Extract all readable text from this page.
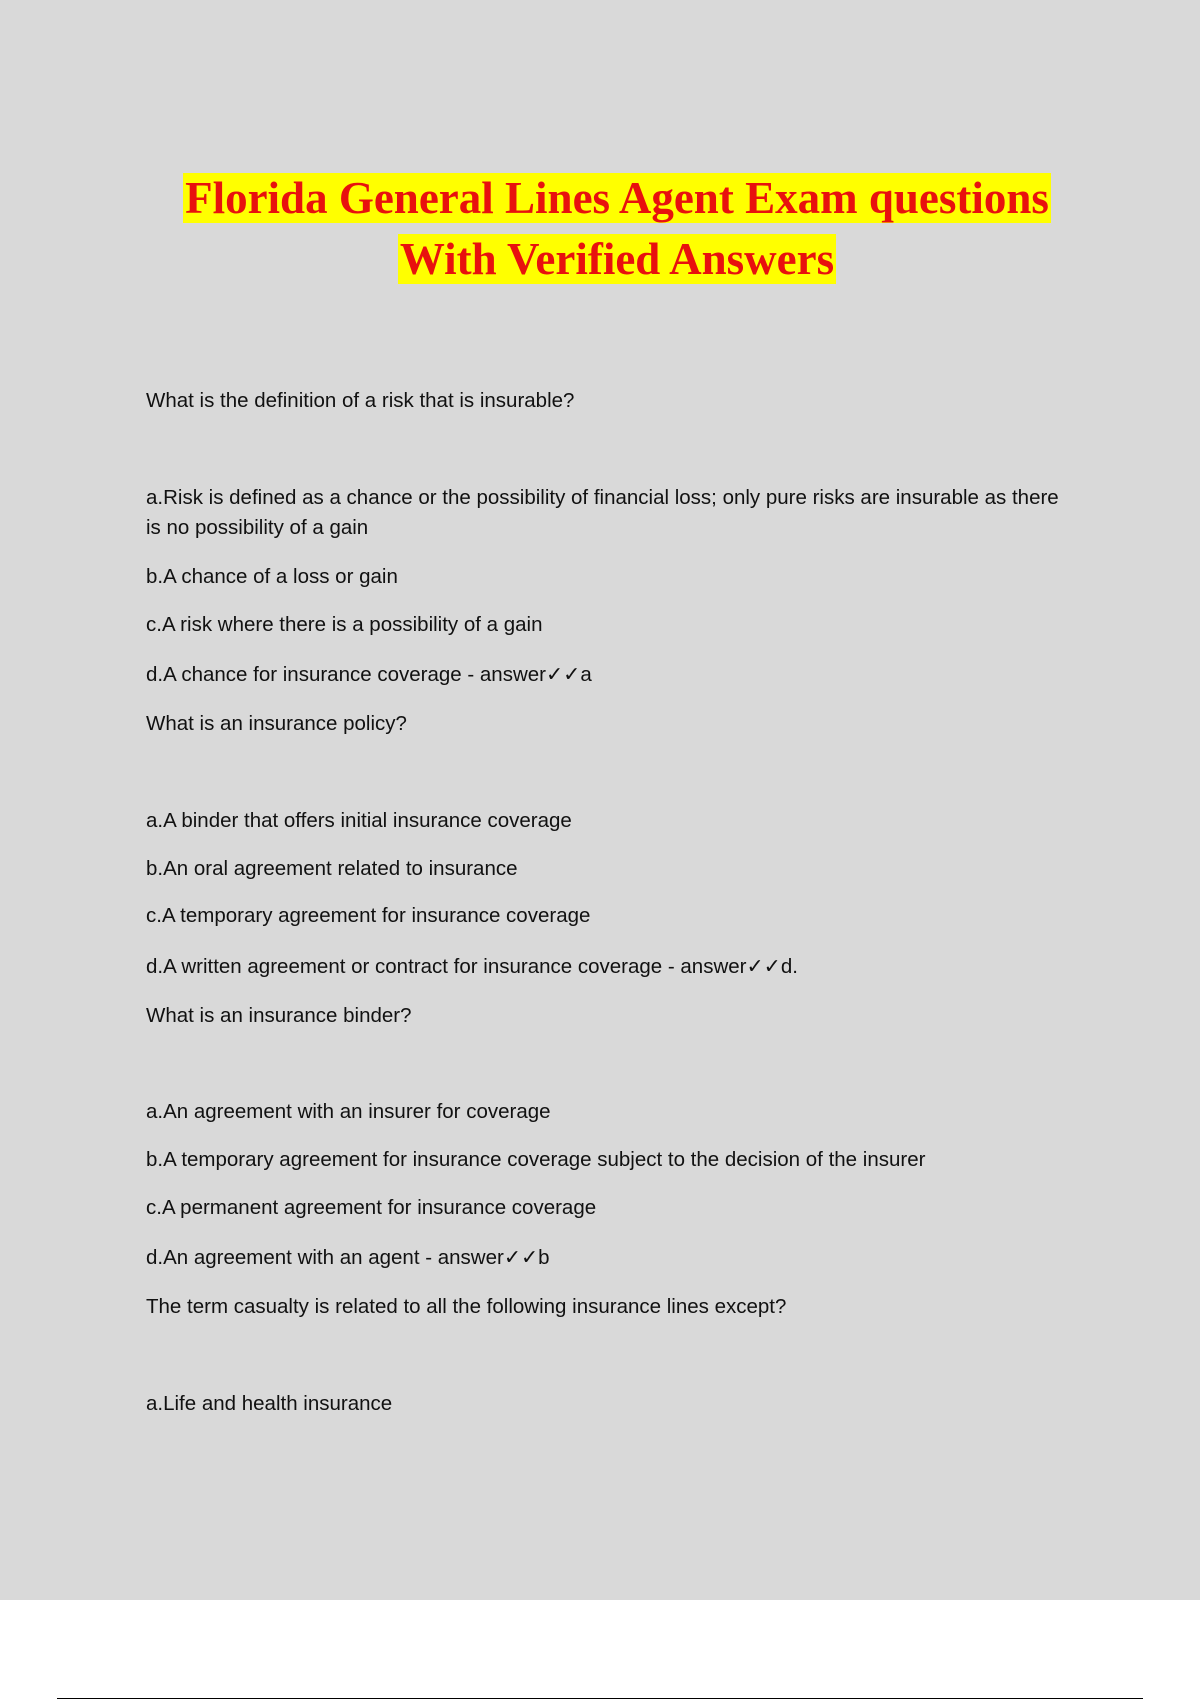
Florida General Lines Agent Exam questions
With Verified Answers

What is the definition of a risk that is insurable?

a.Risk is defined as a chance or the possibility of financial loss; only pure risks are insurable as there is no possibility of a gain

b.A chance of a loss or gain

c.A risk where there is a possibility of a gain

d.A chance for insurance coverage - answer✓✓a

What is an insurance policy?

a.A binder that offers initial insurance coverage

b.An oral agreement related to insurance

c.A temporary agreement for insurance coverage

d.A written agreement or contract for insurance coverage - answer✓✓d.

What is an insurance binder?

a.An agreement with an insurer for coverage

b.A temporary agreement for insurance coverage subject to the decision of the insurer

c.A permanent agreement for insurance coverage

d.An agreement with an agent - answer✓✓b

The term casualty is related to all the following insurance lines except?

a.Life and health insurance
